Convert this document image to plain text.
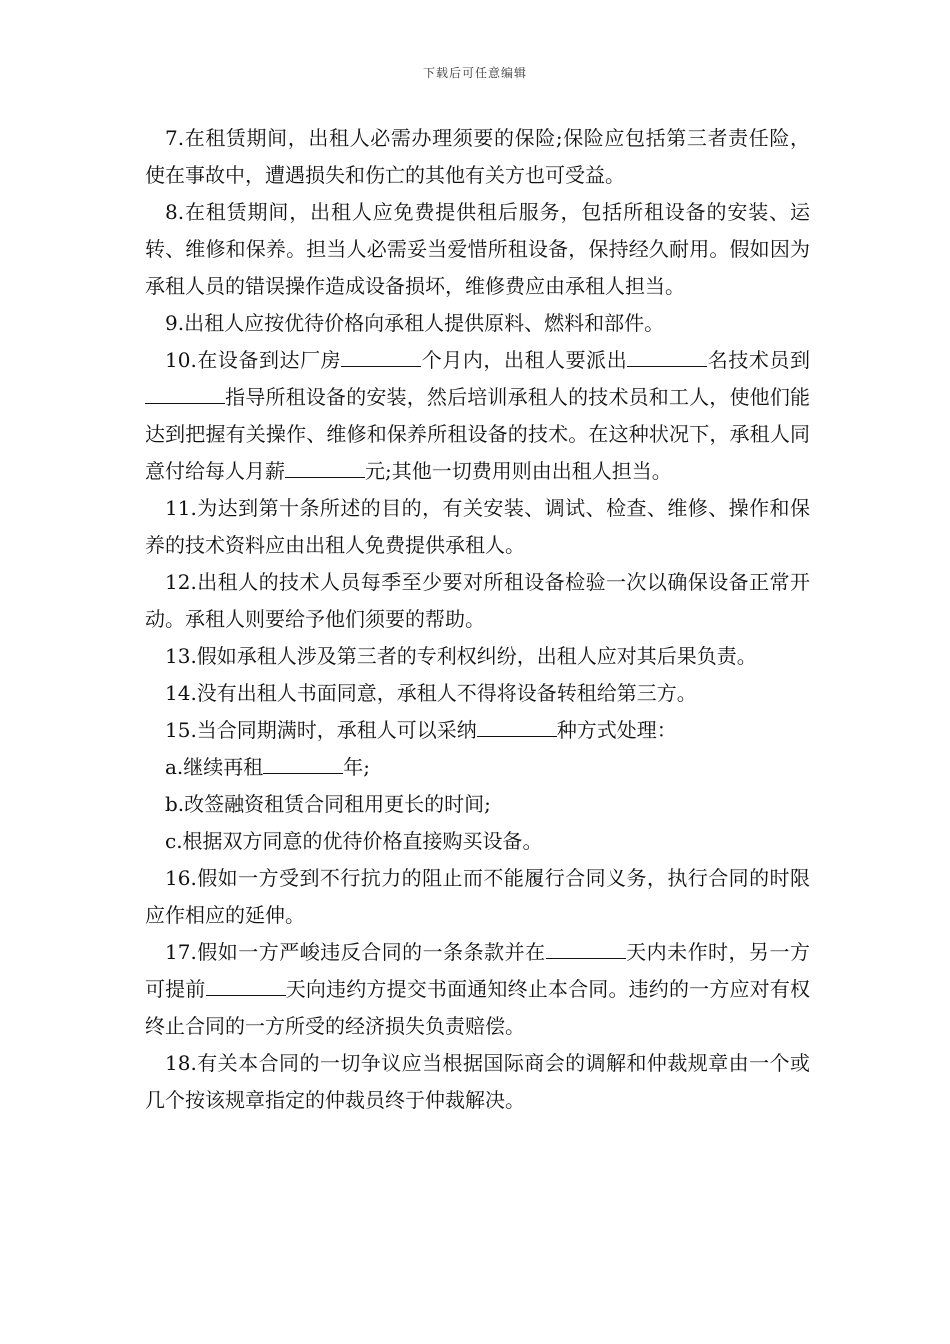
下载后可任意编辑

7.在租赁期间，出租人必需办理须要的保险;保险应包括第三者责任险，使在事故中，遭遇损失和伤亡的其他有关方也可受益。

8.在租赁期间，出租人应免费提供租后服务，包括所租设备的安装、运转、维修和保养。担当人必需妥当爱惜所租设备，保持经久耐用。假如因为承租人员的错误操作造成设备损坏，维修费应由承租人担当。

9.出租人应按优待价格向承租人提供原料、燃料和部件。

10.在设备到达厂房	个月内，出租人要派出	名技术员到指导所租设备的安装，然后培训承租人的技术员和工人，使他们能达到把握有关操作、维修和保养所租设备的技术。在这种状况下，承租人同意付给每人月薪	元;其他一切费用则由出租人担当。

11.为达到第十条所述的目的，有关安装、调试、检查、维修、操作和保养的技术资料应由出租人免费提供承租人。

12.出租人的技术人员每季至少要对所租设备检验一次以确保设备正常开动。承租人则要给予他们须要的帮助。

13.假如承租人涉及第三者的专利权纠纷，出租人应对其后果负责。

14.没有出租人书面同意，承租人不得将设备转租给第三方。

15.当合同期满时，承租人可以采纳	种方式处理：

a.继续再租	年;

b.改签融资租赁合同租用更长的时间;

c.根据双方同意的优待价格直接购买设备。

16.假如一方受到不行抗力的阻止而不能履行合同义务，执行合同的时限应作相应的延伸。

17.假如一方严峻违反合同的一条条款并在	天内未作时，另一方可提前	天向违约方提交书面通知终止本合同。违约的一方应对有权终止合同的一方所受的经济损失负责赔偿。

18.有关本合同的一切争议应当根据国际商会的调解和仲裁规章由一个或几个按该规章指定的仲裁员终于仲裁解决。
